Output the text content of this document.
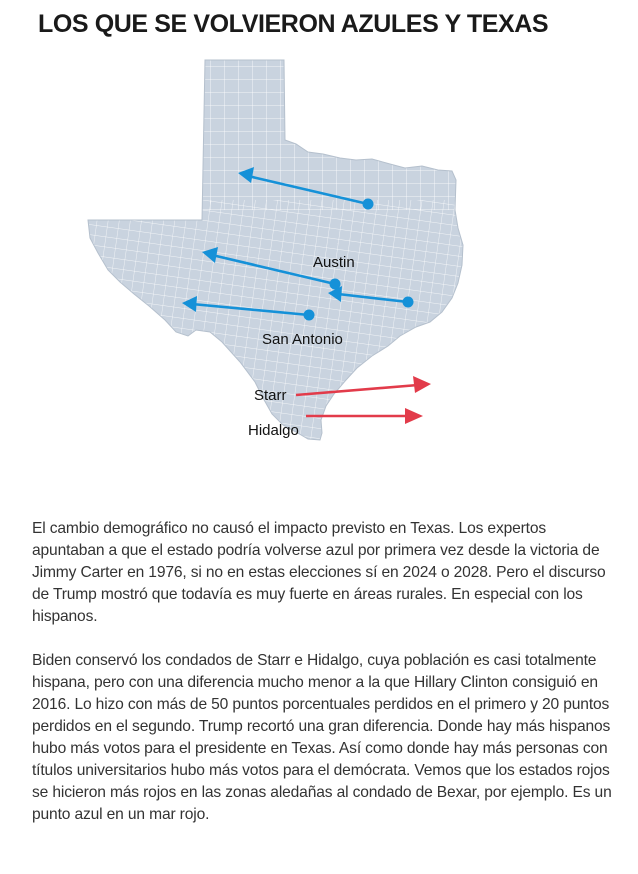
LOS QUE SE VOLVIERON AZULES Y TEXAS
Austin
San Antonio
Starr
Hidalgo

El cambio demográfico no causó el impacto previsto en Texas. Los expertos apuntaban a que el estado podría volverse azul por primera vez desde la victoria de Jimmy Carter en 1976, si no en estas elecciones sí en 2024 o 2028. Pero el discurso de Trump mostró que todavía es muy fuerte en áreas rurales. En especial con los hispanos.

Biden conservó los condados de Starr e Hidalgo, cuya población es casi totalmente hispana, pero con una diferencia mucho menor a la que Hillary Clinton consiguió en 2016. Lo hizo con más de 50 puntos porcentuales perdidos en el primero y 20 puntos perdidos en el segundo. Trump recortó una gran diferencia. Donde hay más hispanos hubo más votos para el presidente en Texas. Así como donde hay más personas con títulos universitarios hubo más votos para el demócrata. Vemos que los estados rojos se hicieron más rojos en las zonas aledañas al condado de Bexar, por ejemplo. Es un punto azul en un mar rojo.
